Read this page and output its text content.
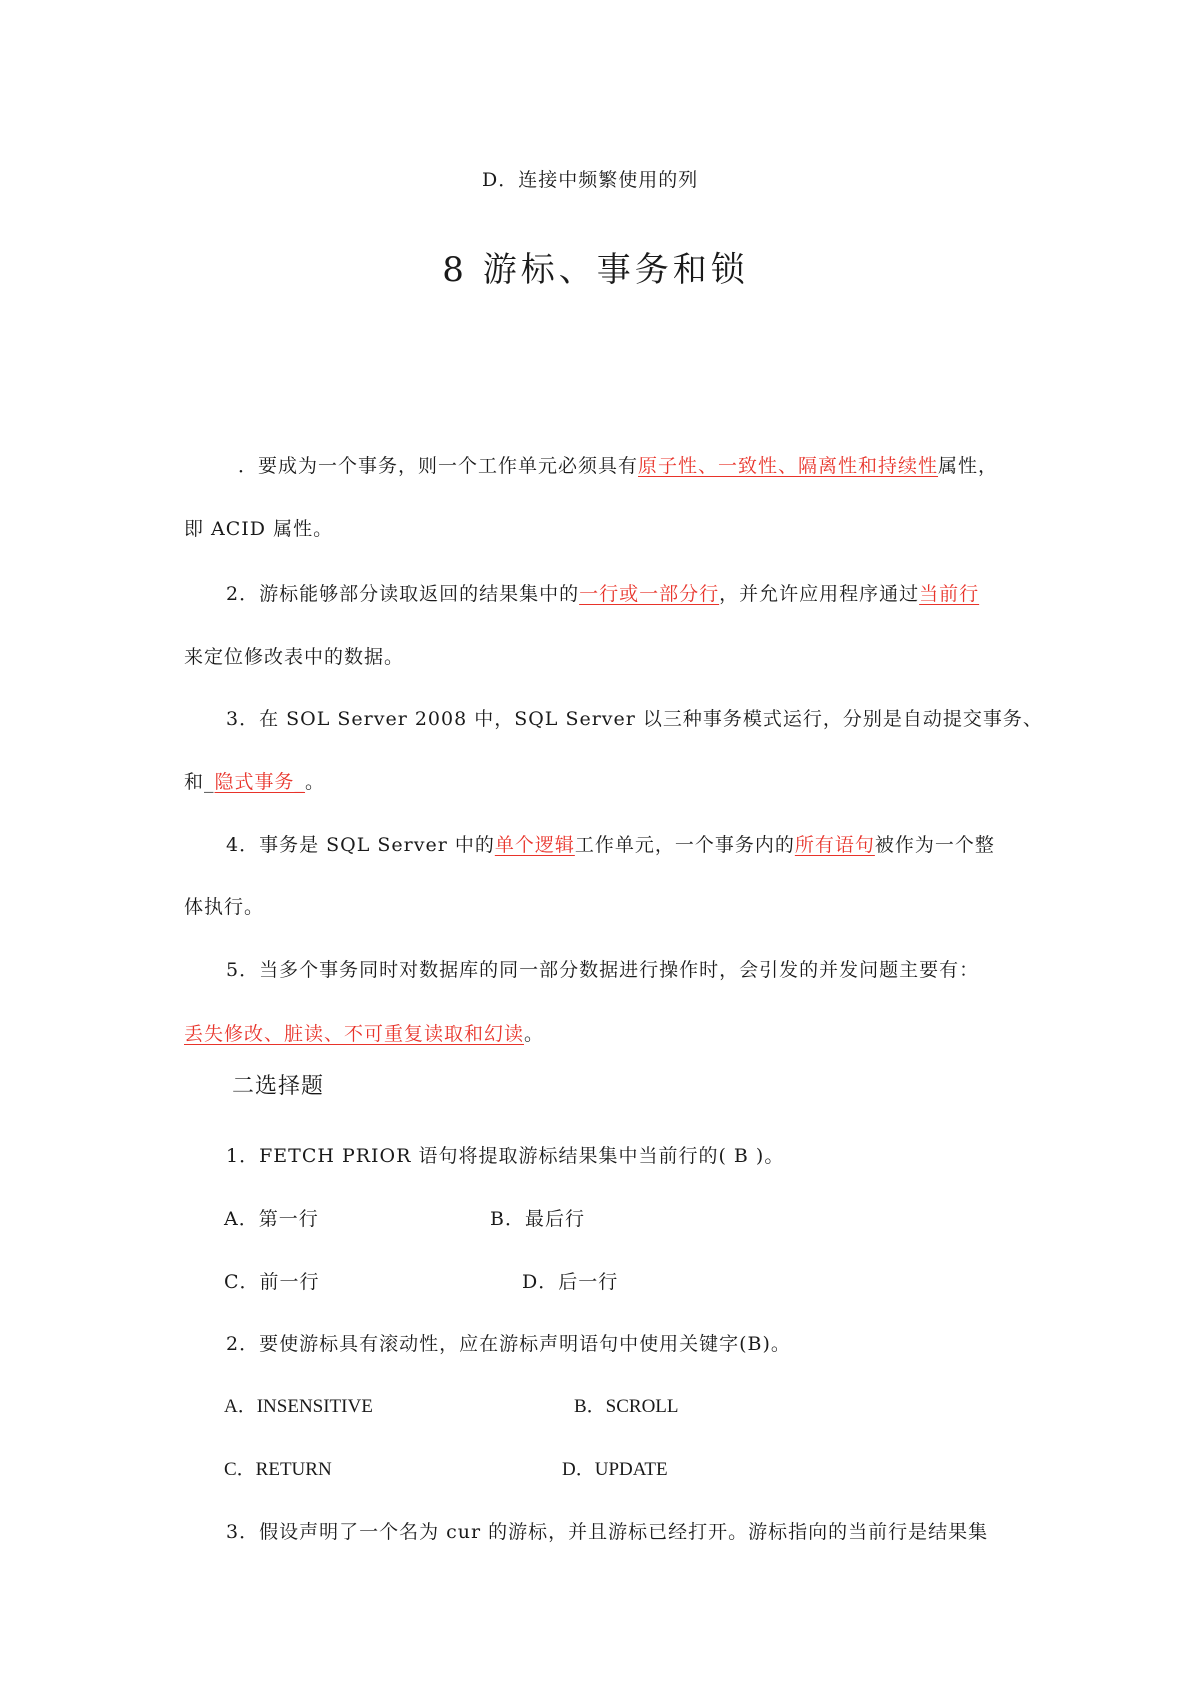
D．连接中频繁使用的列
8 游标、事务和锁
．要成为一个事务，则一个工作单元必须具有原子性、一致性、隔离性和持续性属性，
即 ACID 属性。
2．游标能够部分读取返回的结果集中的一行或一部分行，并允许应用程序通过当前行
来定位修改表中的数据。
3．在 SOL Server 2008 中，SQL Server 以三种事务模式运行，分别是自动提交事务、
和_隐式事务_。
4．事务是 SQL Server 中的单个逻辑工作单元，一个事务内的所有语句被作为一个整
体执行。
5．当多个事务同时对数据库的同一部分数据进行操作时，会引发的并发问题主要有：
丢失修改、脏读、不可重复读取和幻读。
二选择题
1．FETCH PRIOR 语句将提取游标结果集中当前行的( B )。
A．第一行	B．最后行
C．前一行	D．后一行
2．要使游标具有滚动性，应在游标声明语句中使用关键字(B)。
A．INSENSITIVE	B．SCROLL
C．RETURN	D．UPDATE
3．假设声明了一个名为 cur 的游标，并且游标已经打开。游标指向的当前行是结果集
